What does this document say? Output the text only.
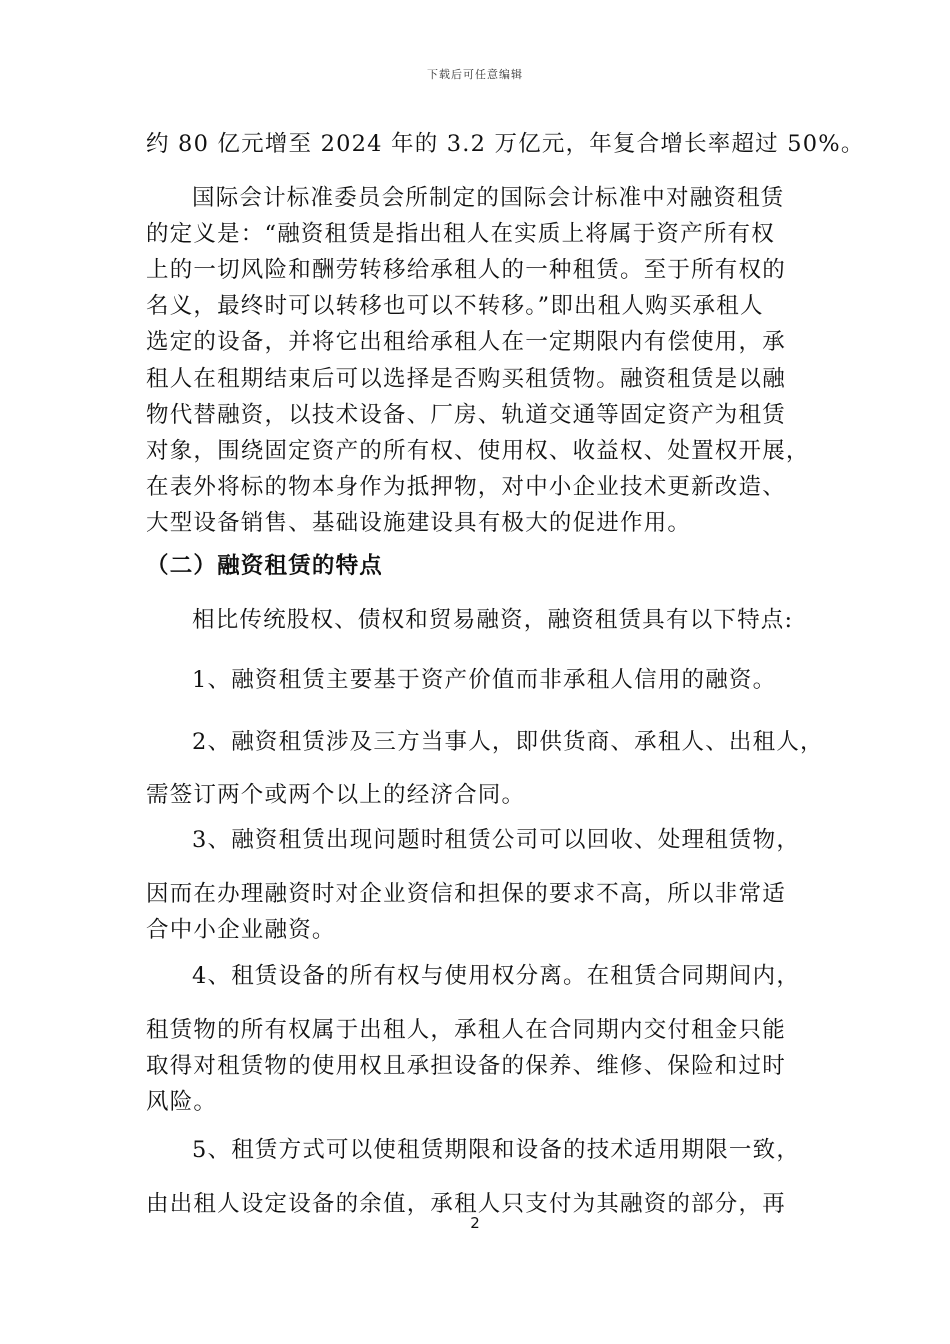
下载后可任意编辑
约 80 亿元增至 2024 年的 3.2 万亿元，年复合增长率超过 50%。
国际会计标准委员会所制定的国际会计标准中对融资租赁
的定义是：“融资租赁是指出租人在实质上将属于资产所有权
上的一切风险和酬劳转移给承租人的一种租赁。至于所有权的
名义，最终时可以转移也可以不转移。”即出租人购买承租人
选定的设备，并将它出租给承租人在一定期限内有偿使用，承
租人在租期结束后可以选择是否购买租赁物。融资租赁是以融
物代替融资，以技术设备、厂房、轨道交通等固定资产为租赁
对象，围绕固定资产的所有权、使用权、收益权、处置权开展，
在表外将标的物本身作为抵押物，对中小企业技术更新改造、
大型设备销售、基础设施建设具有极大的促进作用。
（二）融资租赁的特点
相比传统股权、债权和贸易融资，融资租赁具有以下特点:
1、融资租赁主要基于资产价值而非承租人信用的融资。
2、融资租赁涉及三方当事人，即供货商、承租人、出租人，
需签订两个或两个以上的经济合同。
3、融资租赁出现问题时租赁公司可以回收、处理租赁物，
因而在办理融资时对企业资信和担保的要求不高，所以非常适
合中小企业融资。
4、租赁设备的所有权与使用权分离。在租赁合同期间内，
租赁物的所有权属于出租人，承租人在合同期内交付租金只能
取得对租赁物的使用权且承担设备的保养、维修、保险和过时
风险。
5、租赁方式可以使租赁期限和设备的技术适用期限一致，
由出租人设定设备的余值，承租人只支付为其融资的部分，再
2
